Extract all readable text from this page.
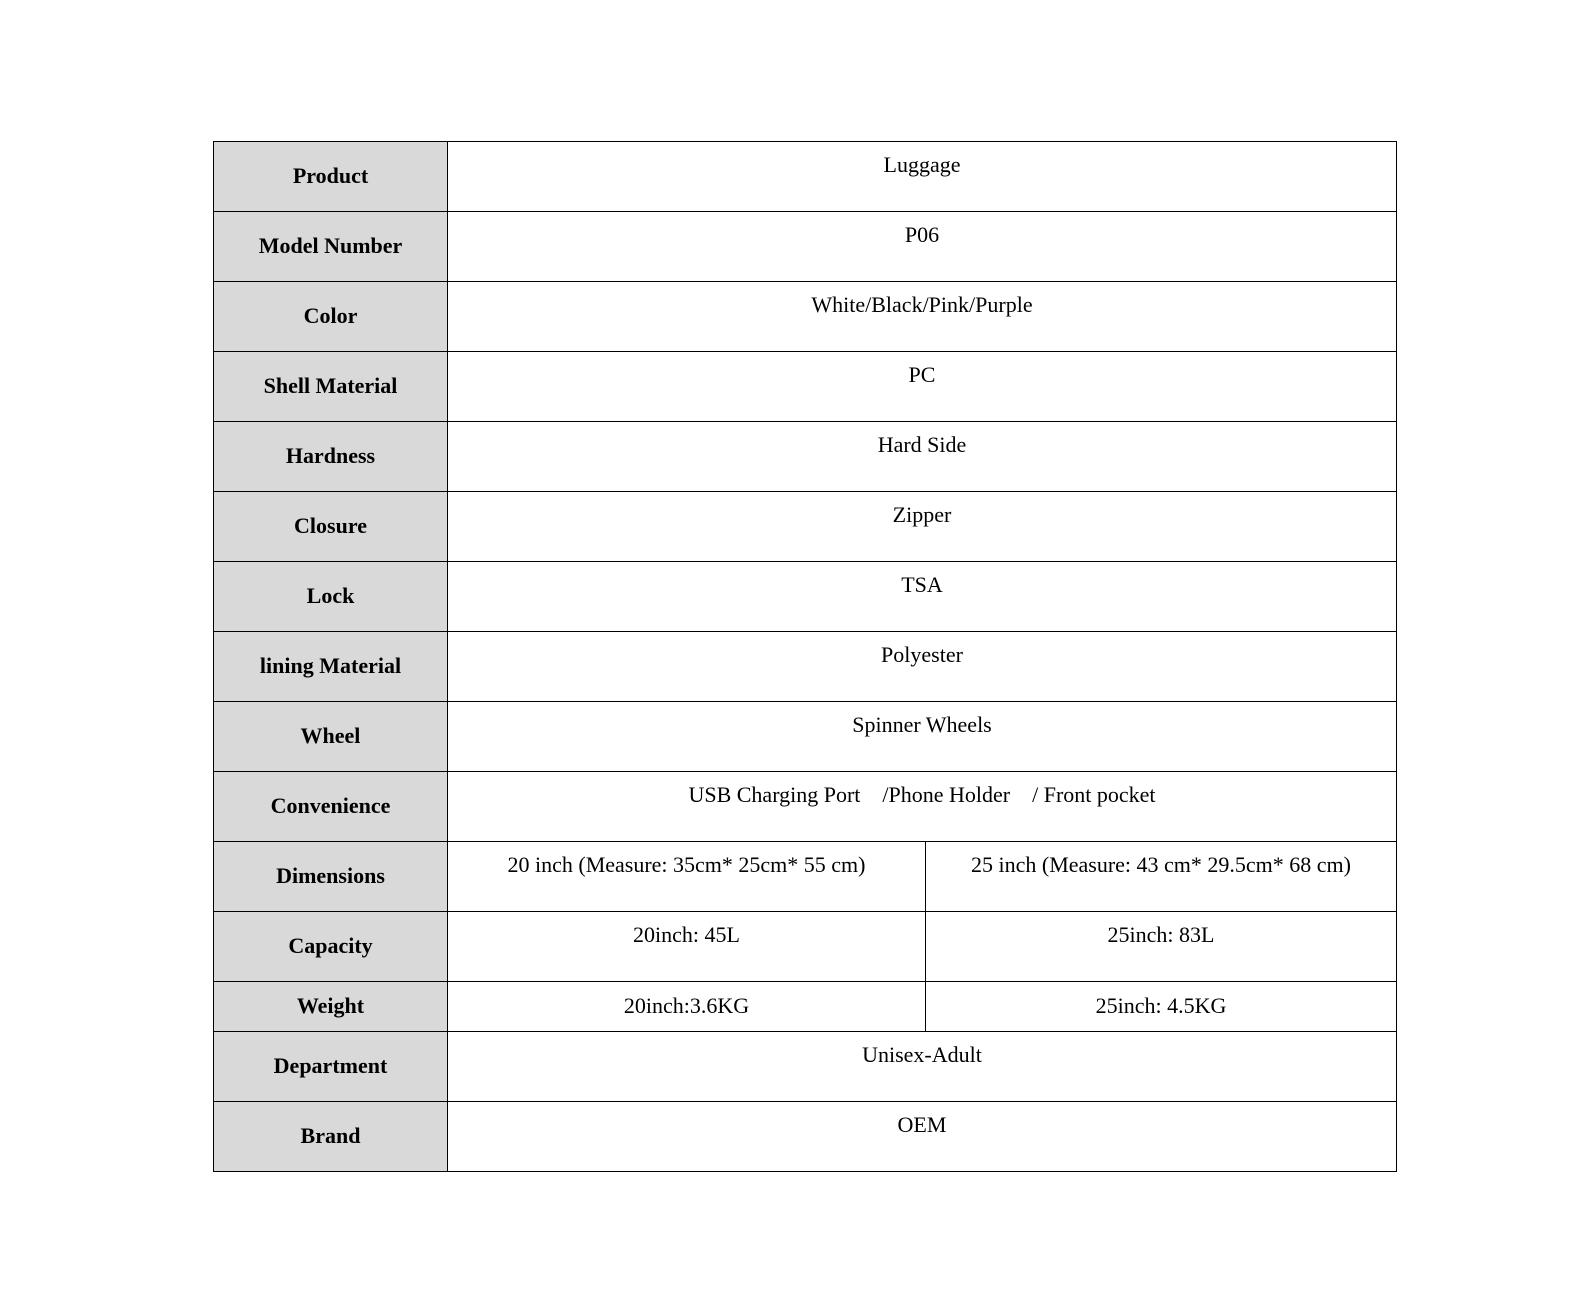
Product	Luggage	
Model Number	P06	
Color	White/Black/Pink/Purple	
Shell Material	PC	
Hardness	Hard Side	
Closure	Zipper	
Lock	TSA	
lining Material	Polyester	
Wheel	Spinner Wheels	
Convenience	USB Charging Port    /Phone Holder    / Front pocket	
Dimensions	20 inch (Measure: 35cm* 25cm* 55 cm)	25 inch (Measure: 43 cm* 29.5cm* 68 cm)
Capacity	20inch: 45L	25inch: 83L
Weight	20inch:3.6KG	25inch: 4.5KG
Department	Unisex-Adult	
Brand	OEM	
